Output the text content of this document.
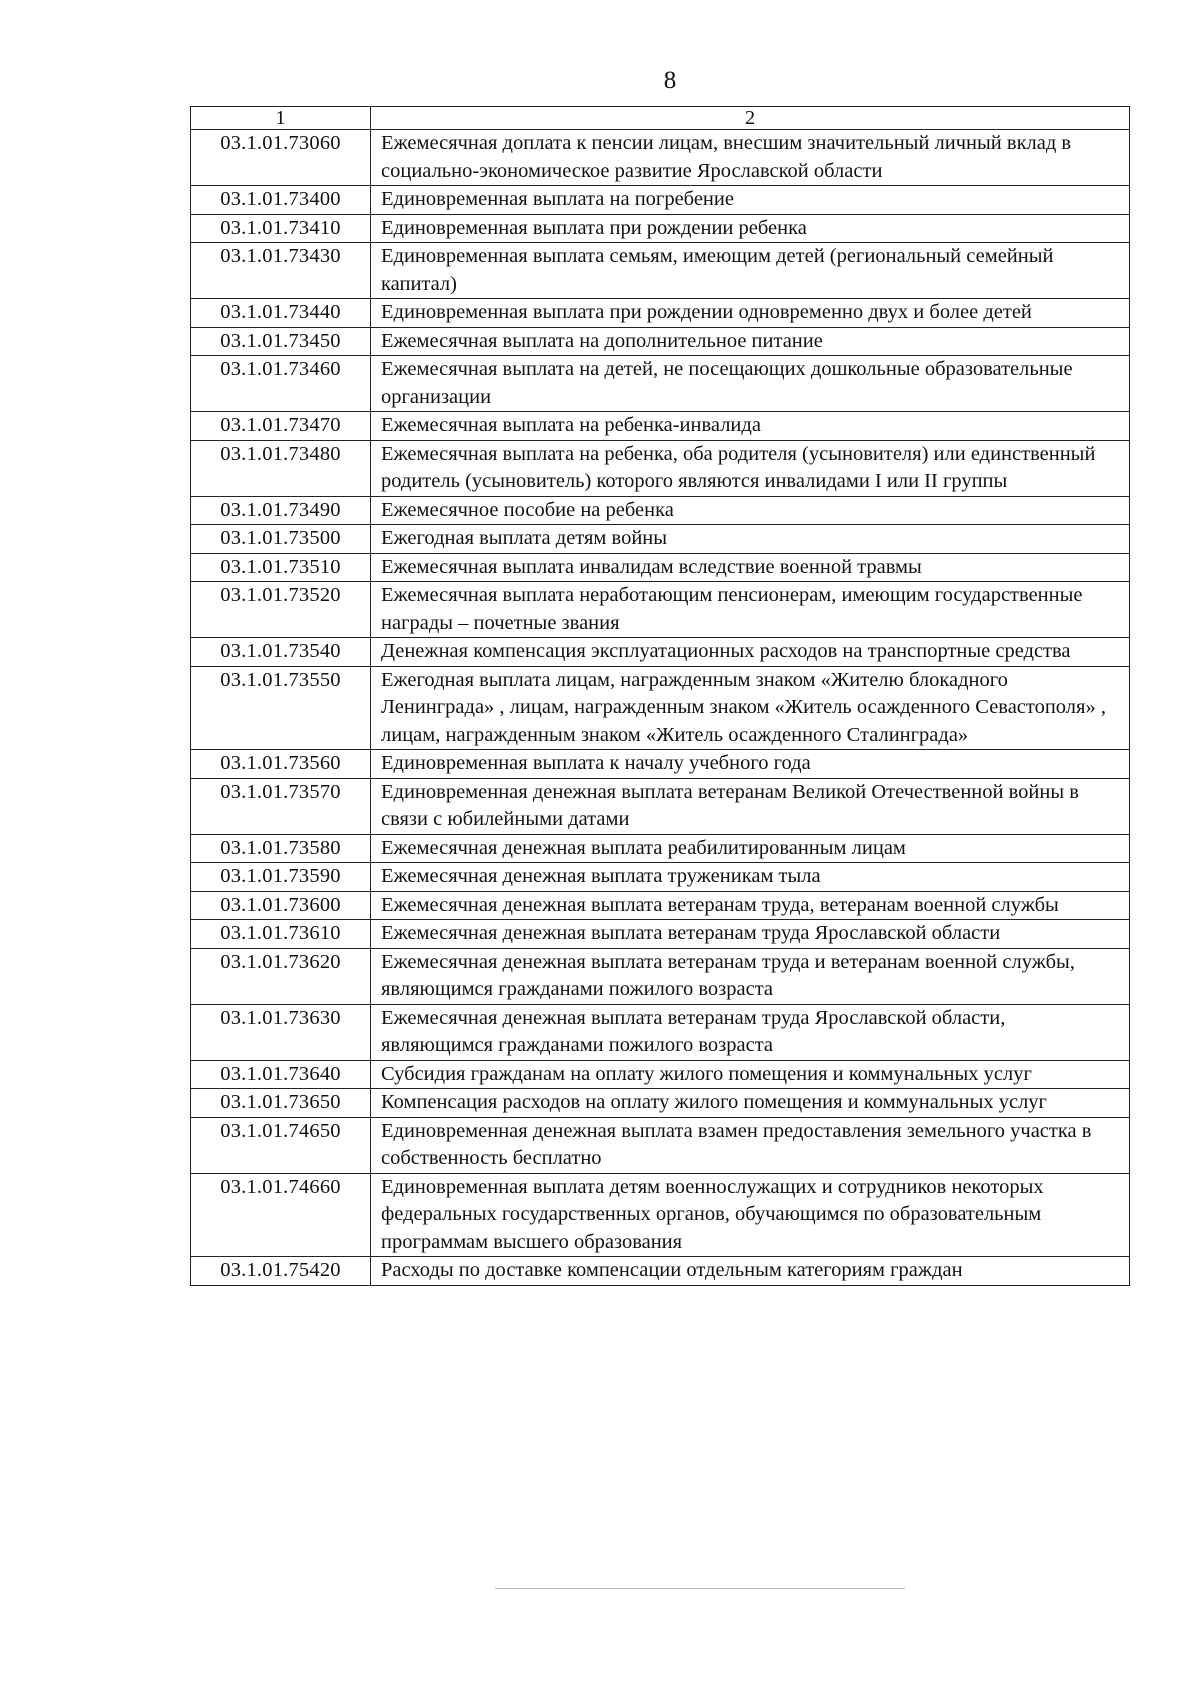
8
1	2
03.1.01.73060	Ежемесячная доплата к пенсии лицам, внесшим значительный личный вклад в социально-экономическое развитие Ярославской области
03.1.01.73400	Единовременная выплата на погребение
03.1.01.73410	Единовременная выплата при рождении ребенка
03.1.01.73430	Единовременная выплата семьям, имеющим детей (региональный семейный капитал)
03.1.01.73440	Единовременная выплата при рождении одновременно двух и более детей
03.1.01.73450	Ежемесячная выплата на дополнительное питание
03.1.01.73460	Ежемесячная выплата на детей, не посещающих дошкольные образовательные организации
03.1.01.73470	Ежемесячная выплата на ребенка-инвалида
03.1.01.73480	Ежемесячная выплата на ребенка, оба родителя (усыновителя) или единственный родитель (усыновитель) которого являются инвалидами I или II группы
03.1.01.73490	Ежемесячное пособие на ребенка
03.1.01.73500	Ежегодная выплата детям войны
03.1.01.73510	Ежемесячная выплата инвалидам вследствие военной травмы
03.1.01.73520	Ежемесячная выплата неработающим пенсионерам, имеющим государственные награды – почетные звания
03.1.01.73540	Денежная компенсация эксплуатационных расходов на транспортные средства
03.1.01.73550	Ежегодная выплата лицам, награжденным знаком «Жителю блокадного Ленинграда» , лицам, награжденным знаком «Житель осажденного Севастополя» , лицам, награжденным знаком «Житель осажденного Сталинграда»
03.1.01.73560	Единовременная выплата к началу учебного года
03.1.01.73570	Единовременная денежная выплата ветеранам Великой Отечественной войны в связи с юбилейными датами
03.1.01.73580	Ежемесячная денежная выплата реабилитированным лицам
03.1.01.73590	Ежемесячная денежная выплата труженикам тыла
03.1.01.73600	Ежемесячная денежная выплата ветеранам труда, ветеранам военной службы
03.1.01.73610	Ежемесячная денежная выплата ветеранам труда Ярославской области
03.1.01.73620	Ежемесячная денежная выплата ветеранам труда и ветеранам военной службы, являющимся гражданами пожилого возраста
03.1.01.73630	Ежемесячная денежная выплата ветеранам труда Ярославской области, являющимся гражданами пожилого возраста
03.1.01.73640	Субсидия гражданам на оплату жилого помещения и коммунальных услуг
03.1.01.73650	Компенсация расходов на оплату жилого помещения и коммунальных услуг
03.1.01.74650	Единовременная денежная выплата взамен предоставления земельного участка в собственность бесплатно
03.1.01.74660	Единовременная выплата детям военнослужащих и сотрудников некоторых федеральных государственных органов, обучающимся по образовательным программам высшего образования
03.1.01.75420	Расходы по доставке компенсации отдельным категориям граждан
